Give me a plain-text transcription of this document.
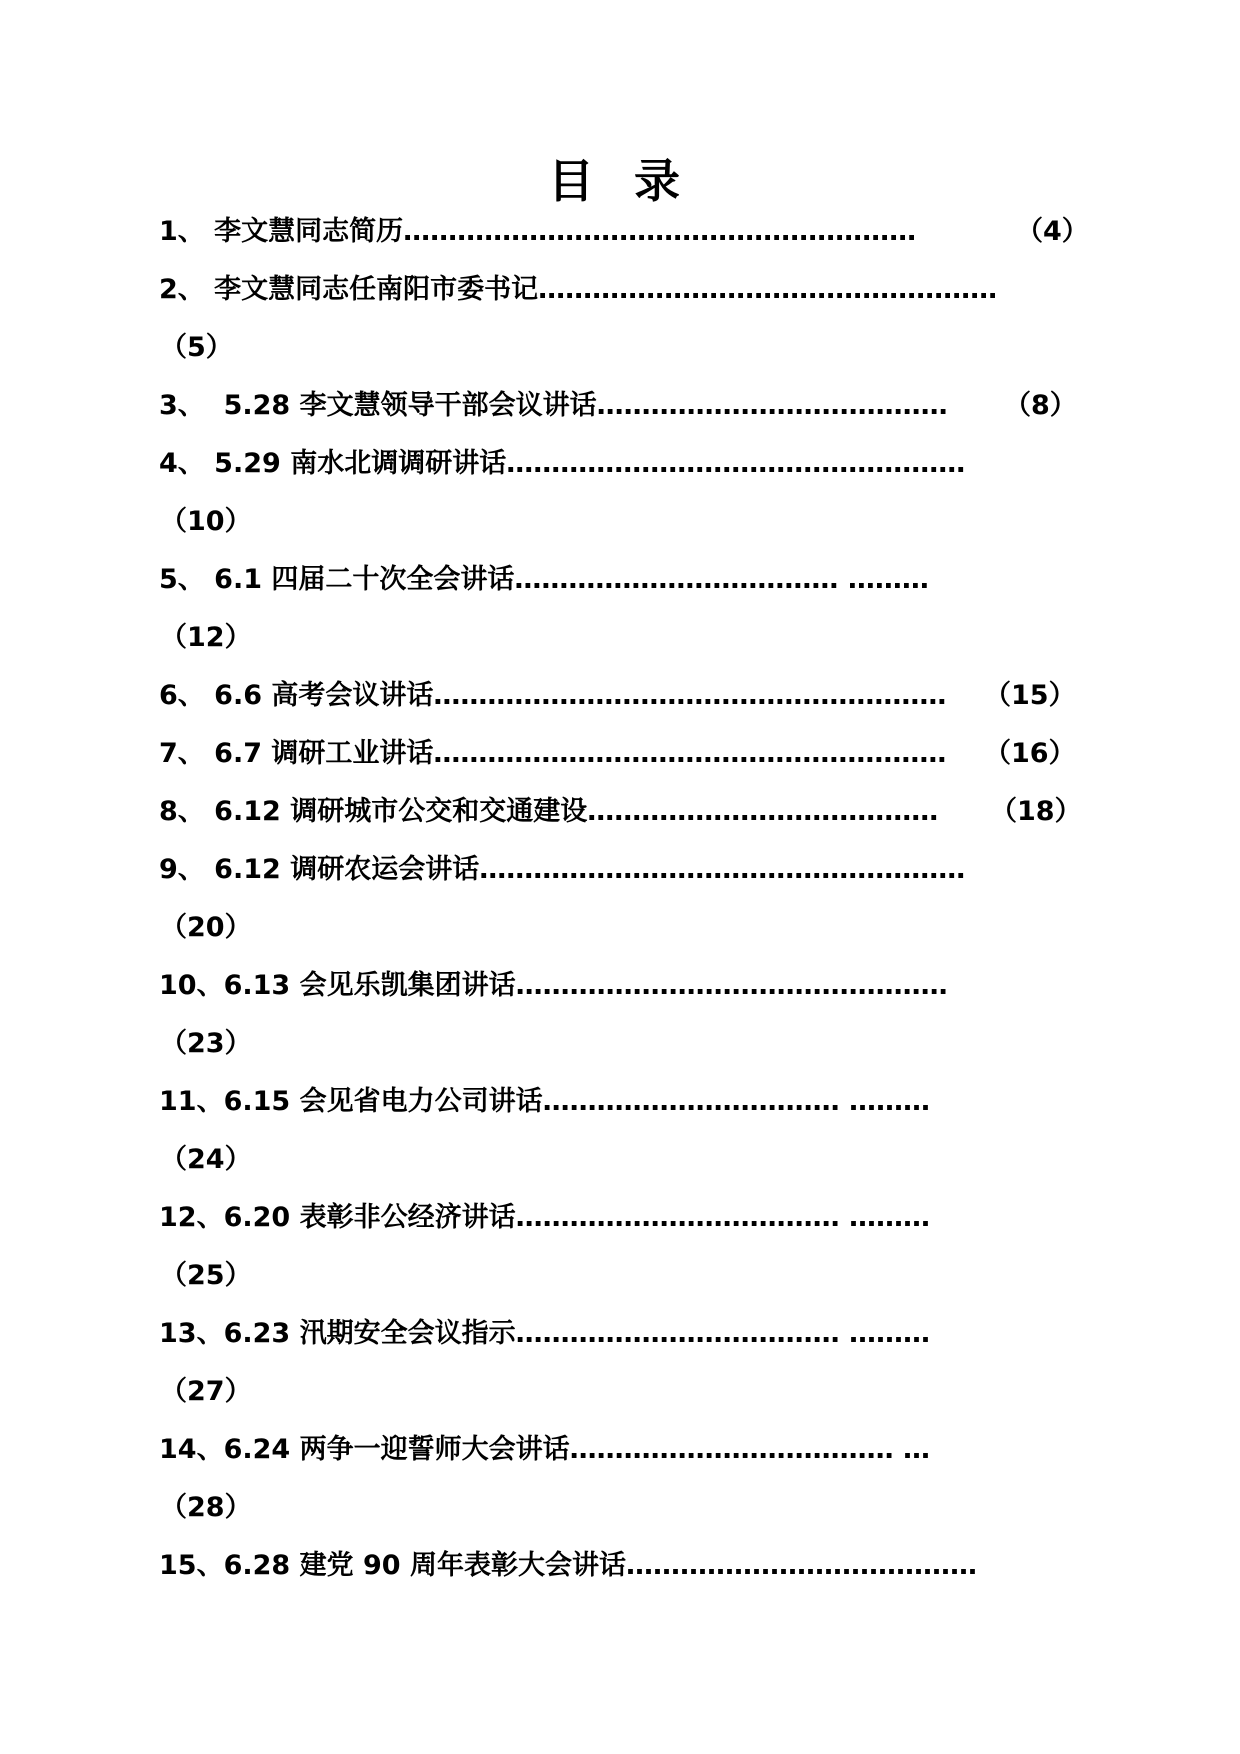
目 录
1、 李文慧同志简历…………………………………………………	（4）
2、 李文慧同志任南阳市委书记……………………………………………
（5）
3、  5.28 李文慧领导干部会议讲话………………………………… （8）
4、 5.29 南水北调调研讲话……………………………………………
（10）
5、 6.1 四届二十次全会讲话……………………………… ………
（12）
6、 6.6 高考会议讲话………………………………………………… （15）
7、 6.7 调研工业讲话………………………………………………… （16）
8、 6.12 调研城市公交和交通建设………………………………… （18）
9、 6.12 调研农运会讲话………………………………………………
（20）
10、6.13 会见乐凯集团讲话…………………………………………
（23）
11、6.15 会见省电力公司讲话…………………………… ………
（24）
12、6.20 表彰非公经济讲话……………………………… ………
（25）
13、6.23 汛期安全会议指示……………………………… ………
（27）
14、6.24 两争一迎誓师大会讲话……………………………… …
（28）
15、6.28 建党 90 周年表彰大会讲话…………………………………
